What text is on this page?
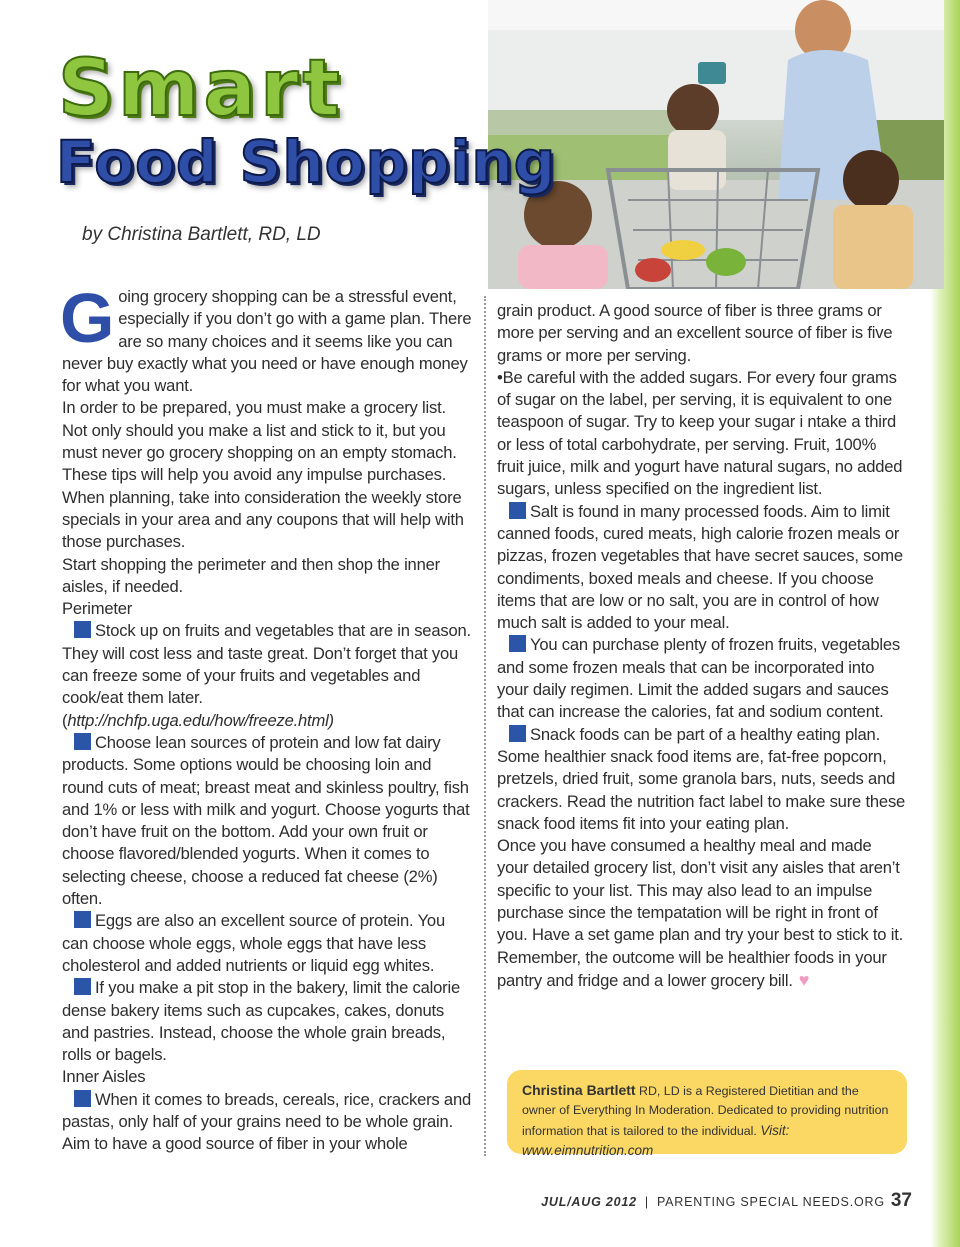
Smart
Food Shopping
by Christina Bartlett, RD, LD

Going grocery shopping can be a stressful event, especially if you don’t go with a game plan. There are so many choices and it seems like you can never buy exactly what you need or have enough money for what you want.

In order to be prepared, you must make a grocery list. Not only should you make a list and stick to it, but you must never go grocery shopping on an empty stomach. These tips will help you avoid any impulse purchases. When planning, take into consideration the weekly store specials in your area and any coupons that will help with those purchases.

Start shopping the perimeter and then shop the inner aisles, if needed.

Perimeter

Stock up on fruits and vegetables that are in season. They will cost less and taste great. Don’t forget that you can freeze some of your fruits and vegetables and cook/eat them later. (http://nchfp.uga.edu/how/freeze.html)

Choose lean sources of protein and low fat dairy products. Some options would be choosing loin and round cuts of meat; breast meat and skinless poultry, fish and 1% or less with milk and yogurt. Choose yogurts that don’t have fruit on the bottom. Add your own fruit or choose flavored/blended yogurts. When it comes to selecting cheese, choose a reduced fat cheese (2%) often.

Eggs are also an excellent source of protein. You can choose whole eggs, whole eggs that have less cholesterol and added nutrients or liquid egg whites.

If you make a pit stop in the bakery, limit the calorie dense bakery items such as cupcakes, cakes, donuts and pastries. Instead, choose the whole grain breads, rolls or bagels.

Inner Aisles

When it comes to breads, cereals, rice, crackers and pastas, only half of your grains need to be whole grain. Aim to have a good source of fiber in your whole

grain product. A good source of fiber is three grams or more per serving and an excellent source of fiber is five grams or more per serving.

•Be careful with the added sugars. For every four grams of sugar on the label, per serving, it is equivalent to one teaspoon of sugar. Try to keep your sugar i ntake a third or less of total carbohydrate, per serving. Fruit, 100% fruit juice, milk and yogurt have natural sugars, no added sugars, unless specified on the ingredient list.

Salt is found in many processed foods. Aim to limit canned foods, cured meats, high calorie frozen meals or pizzas, frozen vegetables that have secret sauces, some condiments, boxed meals and cheese. If you choose items that are low or no salt, you are in control of how much salt is added to your meal.

You can purchase plenty of frozen fruits, vegetables and some frozen meals that can be incorporated into your daily regimen. Limit the added sugars and sauces that can increase the calories, fat and sodium content.

Snack foods can be part of a healthy eating plan. Some healthier snack food items are, fat-free popcorn, pretzels, dried fruit, some granola bars, nuts, seeds and crackers. Read the nutrition fact label to make sure these snack food items fit into your eating plan.

Once you have consumed a healthy meal and made your detailed grocery list, don’t visit any aisles that aren’t specific to your list. This may also lead to an impulse purchase since the tempatation will be right in front of you. Have a set game plan and try your best to stick to it. Remember, the outcome will be healthier foods in your pantry and fridge and a lower grocery bill. ♥

Christina Bartlett RD, LD is a Registered Dietitian and the owner of Everything In Moderation. Dedicated to providing nutrition information that is tailored to the individual. Visit: www.eimnutrition.com
JUL/AUG 2012 | PARENTING SPECIAL NEEDS.ORG 37
